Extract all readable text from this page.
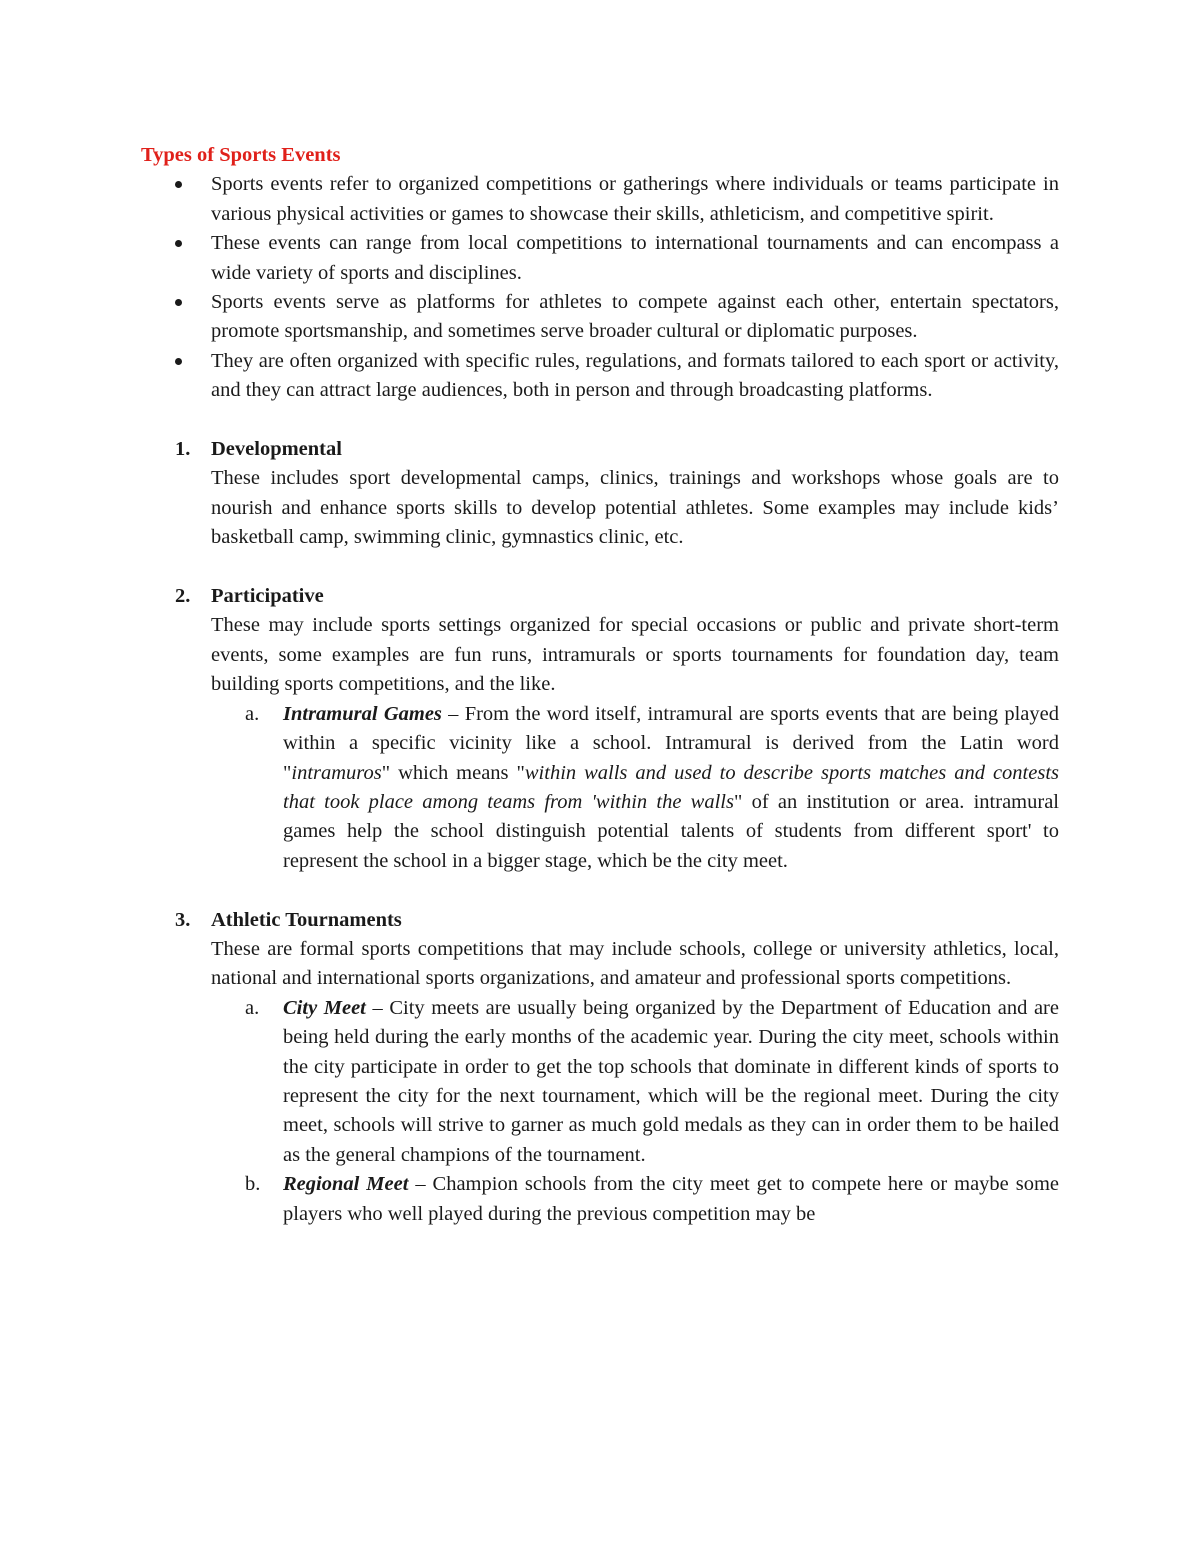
Types of Sports Events

Sports events refer to organized competitions or gatherings where individuals or teams participate in various physical activities or games to showcase their skills, athleticism, and competitive spirit.
These events can range from local competitions to international tournaments and can encompass a wide variety of sports and disciplines.
Sports events serve as platforms for athletes to compete against each other, entertain spectators, promote sportsmanship, and sometimes serve broader cultural or diplomatic purposes.
They are often organized with specific rules, regulations, and formats tailored to each sport or activity, and they can attract large audiences, both in person and through broadcasting platforms.
1. Developmental

These includes sport developmental camps, clinics, trainings and workshops whose goals are to nourish and enhance sports skills to develop potential athletes. Some examples may include kids’ basketball camp, swimming clinic, gymnastics clinic, etc.

2. Participative

These may include sports settings organized for special occasions or public and private short-term events, some examples are fun runs, intramurals or sports tournaments for foundation day, team building sports competitions, and the like.

a. Intramural Games – From the word itself, intramural are sports events that are being played within a specific vicinity like a school. Intramural is derived from the Latin word "intramuros" which means "within walls and used to describe sports matches and contests that took place among teams from 'within the walls" of an institution or area. intramural games help the school distinguish potential talents of students from different sport' to represent the school in a bigger stage, which be the city meet.
3. Athletic Tournaments

These are formal sports competitions that may include schools, college or university athletics, local, national and international sports organizations, and amateur and professional sports competitions.

a. City Meet – City meets are usually being organized by the Department of Education and are being held during the early months of the academic year. During the city meet, schools within the city participate in order to get the top schools that dominate in different kinds of sports to represent the city for the next tournament, which will be the regional meet. During the city meet, schools will strive to garner as much gold medals as they can in order them to be hailed as the general champions of the tournament.
b. Regional Meet – Champion schools from the city meet get to compete here or maybe some players who well played during the previous competition may be
